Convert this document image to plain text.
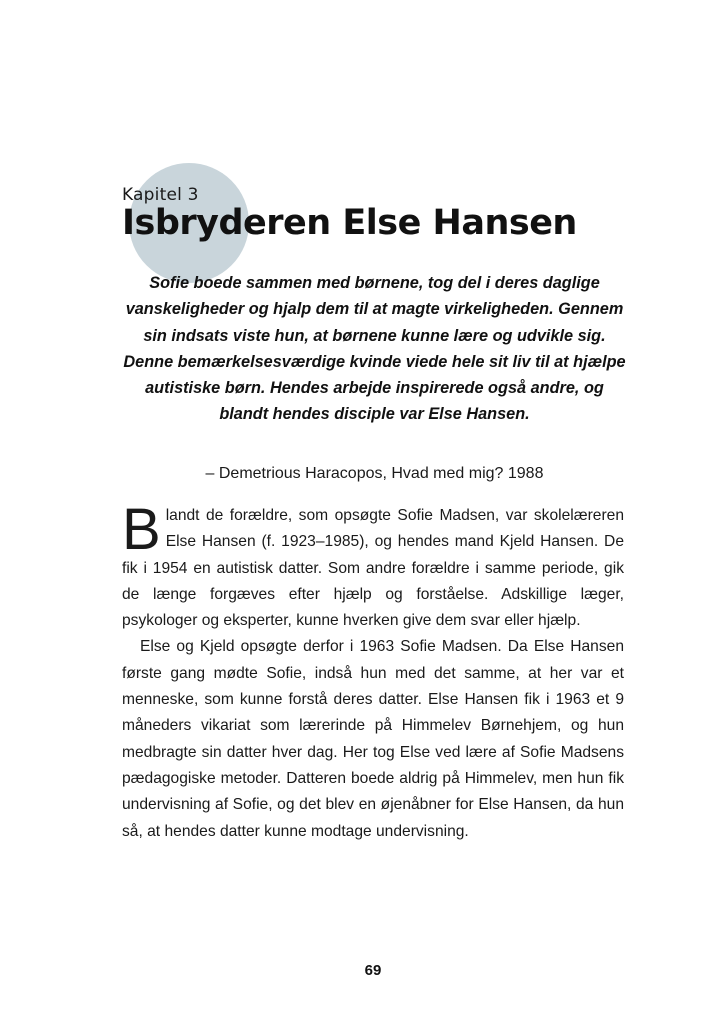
Kapitel 3
Isbryderen Else Hansen
Sofie boede sammen med børnene, tog del i deres daglige vanskeligheder og hjalp dem til at magte virkeligheden. Gennem sin indsats viste hun, at børnene kunne lære og udvikle sig. Denne bemærkelsesværdige kvinde viede hele sit liv til at hjælpe autistiske børn. Hendes arbejde inspirerede også andre, og blandt hendes disciple var Else Hansen.
– Demetrious Haracopos, Hvad med mig? 1988

Blandt de forældre, som opsøgte Sofie Madsen, var skolelæreren Else Hansen (f. 1923–1985), og hendes mand Kjeld Hansen. De fik i 1954 en autistisk datter. Som andre forældre i samme periode, gik de længe forgæves efter hjælp og forståelse. Adskillige læger, psykologer og eksperter, kunne hverken give dem svar eller hjælp.

Else og Kjeld opsøgte derfor i 1963 Sofie Madsen. Da Else Hansen første gang mødte Sofie, indså hun med det samme, at her var et menneske, som kunne forstå deres datter. Else Hansen fik i 1963 et 9 måneders vikariat som lærerinde på Himmelev Børnehjem, og hun medbragte sin datter hver dag. Her tog Else ved lære af Sofie Madsens pædagogiske metoder. Datteren boede aldrig på Himmelev, men hun fik undervisning af Sofie, og det blev en øjenåbner for Else Hansen, da hun så, at hendes datter kunne modtage undervisning.

69
